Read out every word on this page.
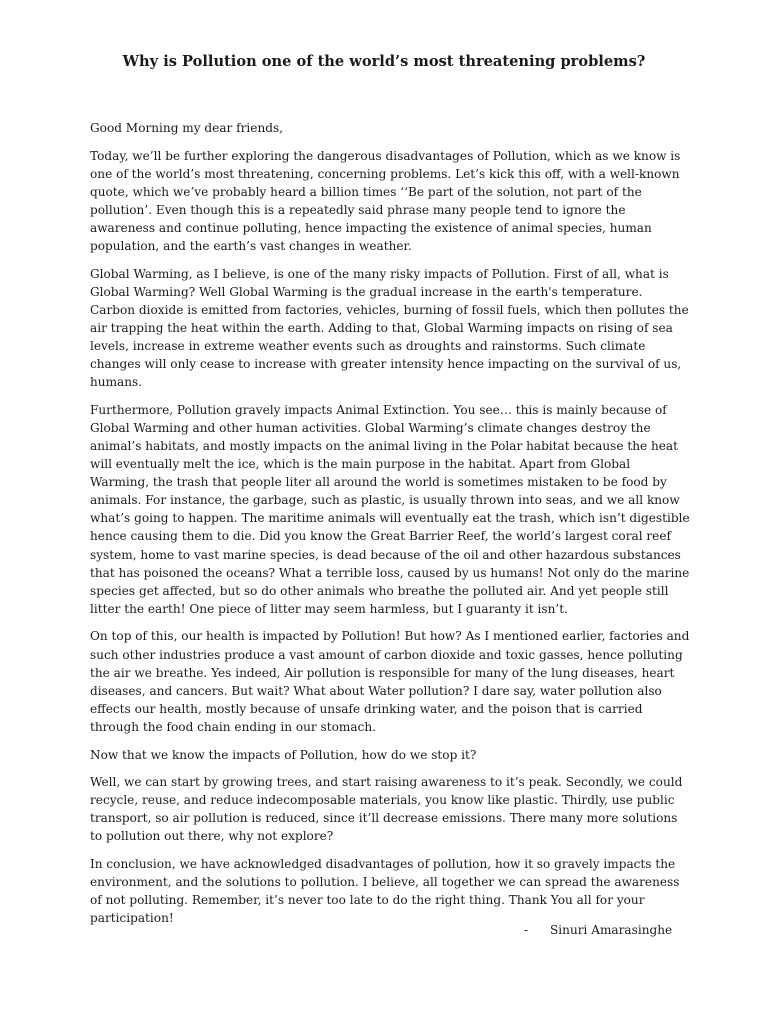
Why is Pollution one of the world’s most threatening problems?

Good Morning my dear friends,

Today, we’ll be further exploring the dangerous disadvantages of Pollution, which as we know is one of the world’s most threatening, concerning problems. Let’s kick this off, with a well-known quote, which we’ve probably heard a billion times ‘‘Be part of the solution, not part of the pollution’. Even though this is a repeatedly said phrase many people tend to ignore the awareness and continue polluting, hence impacting the existence of animal species, human population, and the earth’s vast changes in weather.

Global Warming, as I believe, is one of the many risky impacts of Pollution. First of all, what is Global Warming? Well Global Warming is the gradual increase in the earth's temperature. Carbon dioxide is emitted from factories, vehicles, burning of fossil fuels, which then pollutes the air trapping the heat within the earth. Adding to that, Global Warming impacts on rising of sea levels, increase in extreme weather events such as droughts and rainstorms. Such climate changes will only cease to increase with greater intensity hence impacting on the survival of us, humans.

Furthermore, Pollution gravely impacts Animal Extinction. You see… this is mainly because of Global Warming and other human activities. Global Warming’s climate changes destroy the animal’s habitats, and mostly impacts on the animal living in the Polar habitat because the heat will eventually melt the ice, which is the main purpose in the habitat. Apart from Global Warming, the trash that people liter all around the world is sometimes mistaken to be food by animals. For instance, the garbage, such as plastic, is usually thrown into seas, and we all know what’s going to happen. The maritime animals will eventually eat the trash, which isn’t digestible hence causing them to die. Did you know the Great Barrier Reef, the world’s largest coral reef system, home to vast marine species, is dead because of the oil and other hazardous substances that has poisoned the oceans? What a terrible loss, caused by us humans! Not only do the marine species get affected, but so do other animals who breathe the polluted air. And yet people still litter the earth! One piece of litter may seem harmless, but I guaranty it isn’t.

On top of this, our health is impacted by Pollution! But how? As I mentioned earlier, factories and such other industries produce a vast amount of carbon dioxide and toxic gasses, hence polluting the air we breathe. Yes indeed, Air pollution is responsible for many of the lung diseases, heart diseases, and cancers. But wait? What about Water pollution? I dare say, water pollution also effects our health, mostly because of unsafe drinking water, and the poison that is carried through the food chain ending in our stomach.

Now that we know the impacts of Pollution, how do we stop it?

Well, we can start by growing trees, and start raising awareness to it’s peak. Secondly, we could recycle, reuse, and reduce indecomposable materials, you know like plastic. Thirdly, use public transport, so air pollution is reduced, since it’ll decrease emissions. There many more solutions to pollution out there, why not explore?

In conclusion, we have acknowledged disadvantages of pollution, how it so gravely impacts the environment, and the solutions to pollution. I believe, all together we can spread the awareness of not polluting. Remember, it’s never too late to do the right thing. Thank You all for your participation!

- Sinuri Amarasinghe
